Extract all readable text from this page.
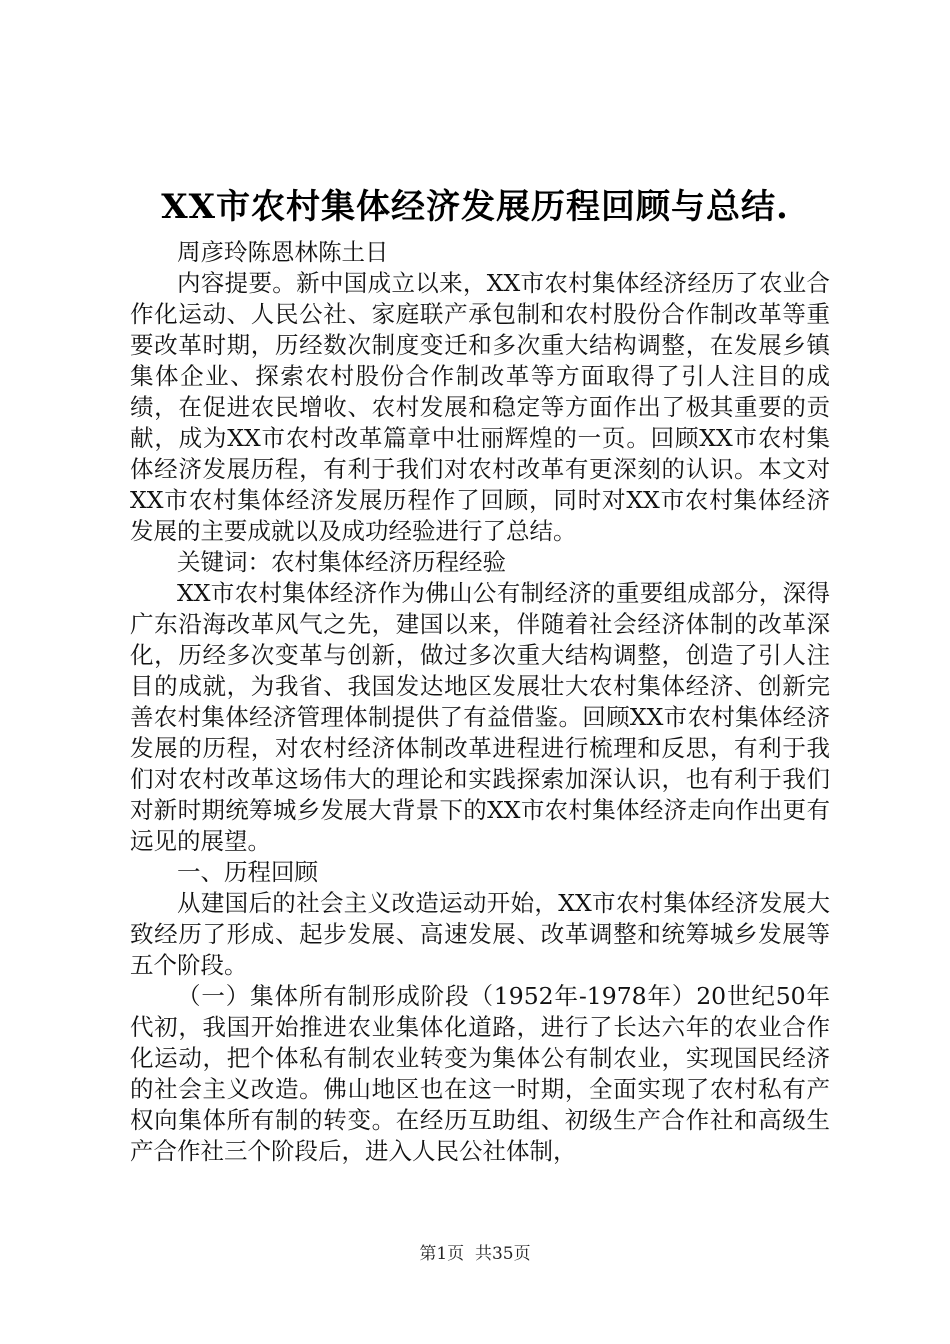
XX市农村集体经济发展历程回顾与总结.

周彦玲陈恩林陈土日

内容提要。新中国成立以来，XX市农村集体经济经历了农业合作化运动、人民公社、家庭联产承包制和农村股份合作制改革等重要改革时期，历经数次制度变迁和多次重大结构调整，在发展乡镇集体企业、探索农村股份合作制改革等方面取得了引人注目的成绩，在促进农民增收、农村发展和稳定等方面作出了极其重要的贡献，成为XX市农村改革篇章中壮丽辉煌的一页。回顾XX市农村集体经济发展历程，有利于我们对农村改革有更深刻的认识。本文对XX市农村集体经济发展历程作了回顾，同时对XX市农村集体经济发展的主要成就以及成功经验进行了总结。

关键词：农村集体经济历程经验

XX市农村集体经济作为佛山公有制经济的重要组成部分，深得广东沿海改革风气之先，建国以来，伴随着社会经济体制的改革深化，历经多次变革与创新，做过多次重大结构调整，创造了引人注目的成就，为我省、我国发达地区发展壮大农村集体经济、创新完善农村集体经济管理体制提供了有益借鉴。回顾XX市农村集体经济发展的历程，对农村经济体制改革进程进行梳理和反思，有利于我们对农村改革这场伟大的理论和实践探索加深认识，也有利于我们对新时期统筹城乡发展大背景下的XX市农村集体经济走向作出更有远见的展望。

一、历程回顾

从建国后的社会主义改造运动开始，XX市农村集体经济发展大致经历了形成、起步发展、高速发展、改革调整和统筹城乡发展等五个阶段。

（一）集体所有制形成阶段（1952年-1978年）20世纪50年代初，我国开始推进农业集体化道路，进行了长达六年的农业合作化运动，把个体私有制农业转变为集体公有制农业，实现国民经济的社会主义改造。佛山地区也在这一时期，全面实现了农村私有产权向集体所有制的转变。在经历互助组、初级生产合作社和高级生产合作社三个阶段后，进入人民公社体制，

第1页  共35页
